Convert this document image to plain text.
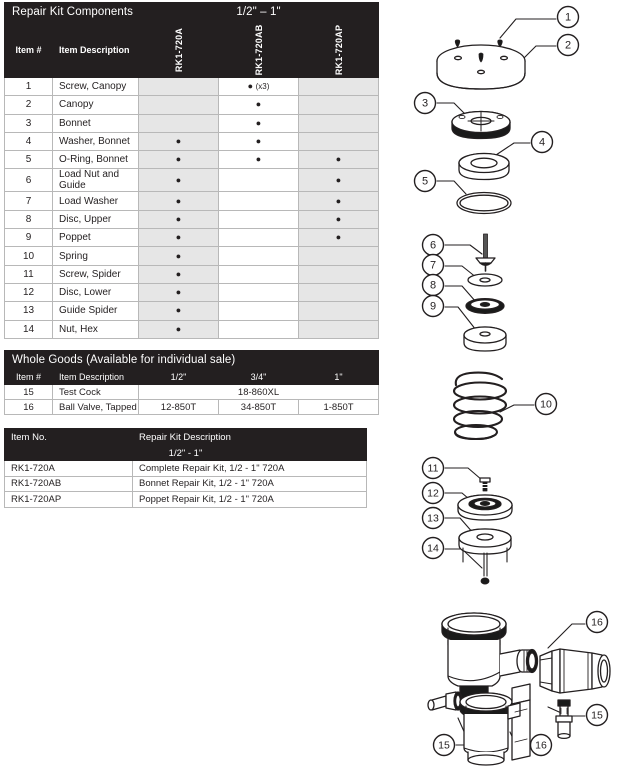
Repair Kit Components		1/2" – 1"		
Item #	Item Description	RK1-720A	RK1-720AB	RK1-720AP

1	Screw, Canopy		● (x3)	
2	Canopy		●	
3	Bonnet		●	
4	Washer, Bonnet	●	●	
5	O-Ring, Bonnet	●	●	●
6	Load Nut and Guide	●		●
7	Load Washer	●		●
8	Disc, Upper	●		●
9	Poppet	●		●
10	Spring	●		
11	Screw, Spider	●		
12	Disc, Lower	●		
13	Guide Spider	●		
14	Nut, Hex	●		
Whole Goods (Available for individual sale)				
Item #	Item Description	1/2"	3/4"	1"
15	Test Cock	18-860XL		
16	Ball Valve, Tapped	12-850T	34-850T	1-850T
Item No.	Repair Kit Description
1/2" - 1"	
RK1-720A	Complete Repair Kit, 1/2 - 1" 720A
RK1-720AB	Bonnet Repair Kit, 1/2 - 1" 720A
RK1-720AP	Poppet Repair Kit, 1/2 - 1" 720A
1
2
3
4
5
6
7
8
9
10
11
12
13
14
16
15
15	16
